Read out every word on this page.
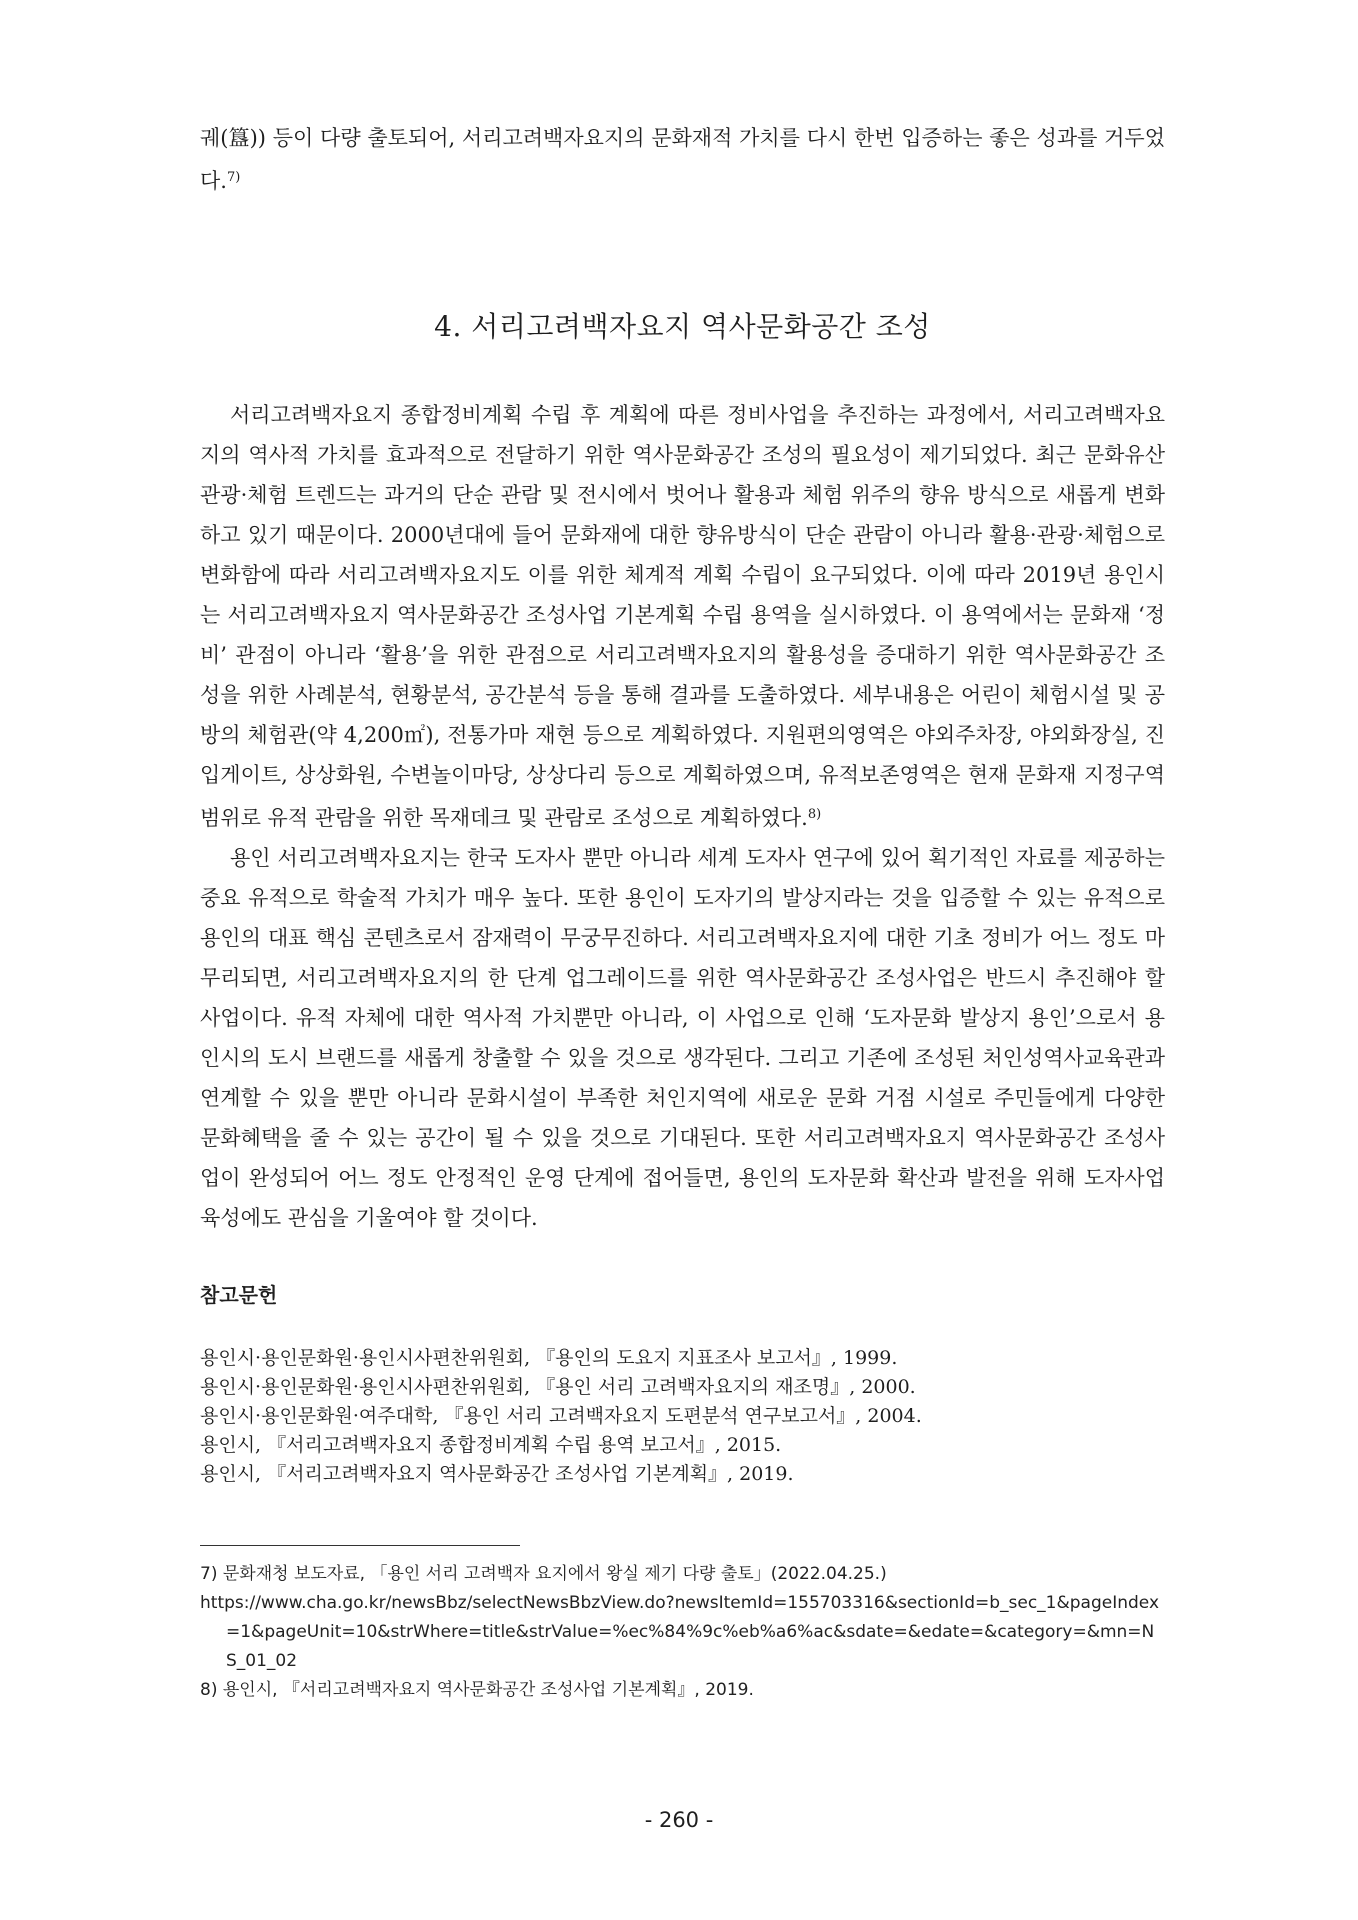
궤(簋)) 등이 다량 출토되어, 서리고려백자요지의 문화재적 가치를 다시 한번 입증하는 좋은 성과를 거두었다.$^{7)}$

4. 서리고려백자요지 역사문화공간 조성

서리고려백자요지 종합정비계획 수립 후 계획에 따른 정비사업을 추진하는 과정에서, 서리고려백자요지의 역사적 가치를 효과적으로 전달하기 위한 역사문화공간 조성의 필요성이 제기되었다. 최근 문화유산 관광·체험 트렌드는 과거의 단순 관람 및 전시에서 벗어나 활용과 체험 위주의 향유 방식으로 새롭게 변화하고 있기 때문이다. 2000년대에 들어 문화재에 대한 향유방식이 단순 관람이 아니라 활용·관광·체험으로 변화함에 따라 서리고려백자요지도 이를 위한 체계적 계획 수립이 요구되었다. 이에 따라 2019년 용인시는 서리고려백자요지 역사문화공간 조성사업 기본계획 수립 용역을 실시하였다. 이 용역에서는 문화재 ‘정비’ 관점이 아니라 ‘활용’을 위한 관점으로 서리고려백자요지의 활용성을 증대하기 위한 역사문화공간 조성을 위한 사례분석, 현황분석, 공간분석 등을 통해 결과를 도출하였다. 세부내용은 어린이 체험시설 및 공방의 체험관(약 4,200㎡), 전통가마 재현 등으로 계획하였다. 지원편의영역은 야외주차장, 야외화장실, 진입게이트, 상상화원, 수변놀이마당, 상상다리 등으로 계획하였으며, 유적보존영역은 현재 문화재 지정구역 범위로 유적 관람을 위한 목재데크 및 관람로 조성으로 계획하였다.$^{8)}$

용인 서리고려백자요지는 한국 도자사 뿐만 아니라 세계 도자사 연구에 있어 획기적인 자료를 제공하는 중요 유적으로 학술적 가치가 매우 높다. 또한 용인이 도자기의 발상지라는 것을 입증할 수 있는 유적으로 용인의 대표 핵심 콘텐츠로서 잠재력이 무궁무진하다. 서리고려백자요지에 대한 기초 정비가 어느 정도 마무리되면, 서리고려백자요지의 한 단계 업그레이드를 위한 역사문화공간 조성사업은 반드시 추진해야 할 사업이다. 유적 자체에 대한 역사적 가치뿐만 아니라, 이 사업으로 인해 ‘도자문화 발상지 용인’으로서 용인시의 도시 브랜드를 새롭게 창출할 수 있을 것으로 생각된다. 그리고 기존에 조성된 처인성역사교육관과 연계할 수 있을 뿐만 아니라 문화시설이 부족한 처인지역에 새로운 문화 거점 시설로 주민들에게 다양한 문화혜택을 줄 수 있는 공간이 될 수 있을 것으로 기대된다. 또한 서리고려백자요지 역사문화공간 조성사업이 완성되어 어느 정도 안정적인 운영 단계에 접어들면, 용인의 도자문화 확산과 발전을 위해 도자사업 육성에도 관심을 기울여야 할 것이다.

참고문헌
용인시·용인문화원·용인시사편찬위원회, 『용인의 도요지 지표조사 보고서』, 1999.
용인시·용인문화원·용인시사편찬위원회, 『용인 서리 고려백자요지의 재조명』, 2000.
용인시·용인문화원·여주대학, 『용인 서리 고려백자요지 도편분석 연구보고서』, 2004.
용인시, 『서리고려백자요지 종합정비계획 수립 용역 보고서』, 2015.
용인시, 『서리고려백자요지 역사문화공간 조성사업 기본계획』, 2019.

7) 문화재청 보도자료, 「용인 서리 고려백자 요지에서 왕실 제기 다량 출토」(2022.04.25.)

https://www.cha.go.kr/newsBbz/selectNewsBbzView.do?newsItemId=155703316&sectionId=b_sec_1&pageIndex=1&pageUnit=10&strWhere=title&strValue=%ec%84%9c%eb%a6%ac&sdate=&edate=&category=&mn=NS_01_02

8) 용인시, 『서리고려백자요지 역사문화공간 조성사업 기본계획』, 2019.

- 260 -
